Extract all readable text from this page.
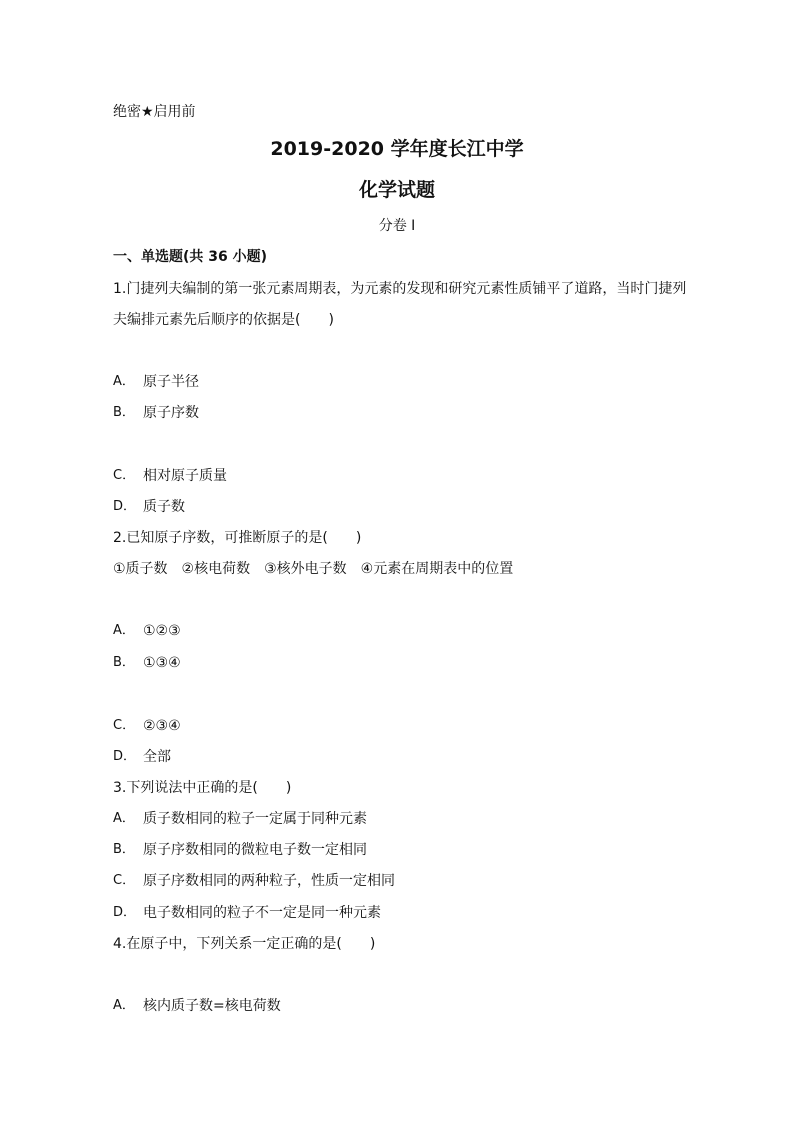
绝密★启用前
2019-2020 学年度长江中学
化学试题
分卷 I
一、单选题(共 36 小题)
1.门捷列夫编制的第一张元素周期表，为元素的发现和研究元素性质铺平了道路，当时门捷列
夫编排元素先后顺序的依据是(　　)
A． 原子半径
B． 原子序数
C． 相对原子质量
D． 质子数
2.已知原子序数，可推断原子的是(　　)
①质子数　②核电荷数　③核外电子数　④元素在周期表中的位置
A． ①②③
B． ①③④
C． ②③④
D． 全部
3.下列说法中正确的是(　　)
A． 质子数相同的粒子一定属于同种元素
B． 原子序数相同的微粒电子数一定相同
C． 原子序数相同的两种粒子，性质一定相同
D． 电子数相同的粒子不一定是同一种元素
4.在原子中，下列关系一定正确的是(　　)
A． 核内质子数=核电荷数
